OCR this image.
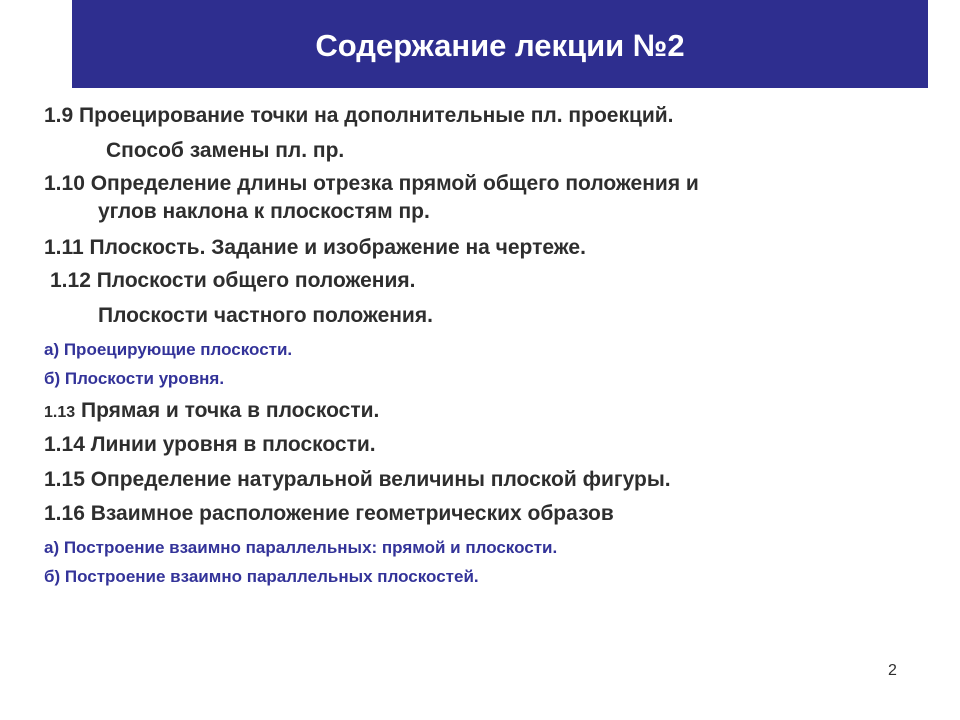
Содержание лекции №2
1.9 Проецирование точки на дополнительные пл. проекций.
Способ замены пл. пр.
1.10 Определение длины отрезка прямой общего положения и
углов наклона к плоскостям пр.
1.11 Плоскость. Задание и изображение на чертеже.
1.12 Плоскости общего положения.
Плоскости частного положения.
а) Проецирующие плоскости.
б) Плоскости уровня.
1.13 Прямая и точка в плоскости.
1.14 Линии уровня в плоскости.
1.15 Определение натуральной величины плоской фигуры.
1.16 Взаимное расположение геометрических образов
а) Построение взаимно параллельных: прямой и плоскости.
б) Построение взаимно параллельных плоскостей.
2
